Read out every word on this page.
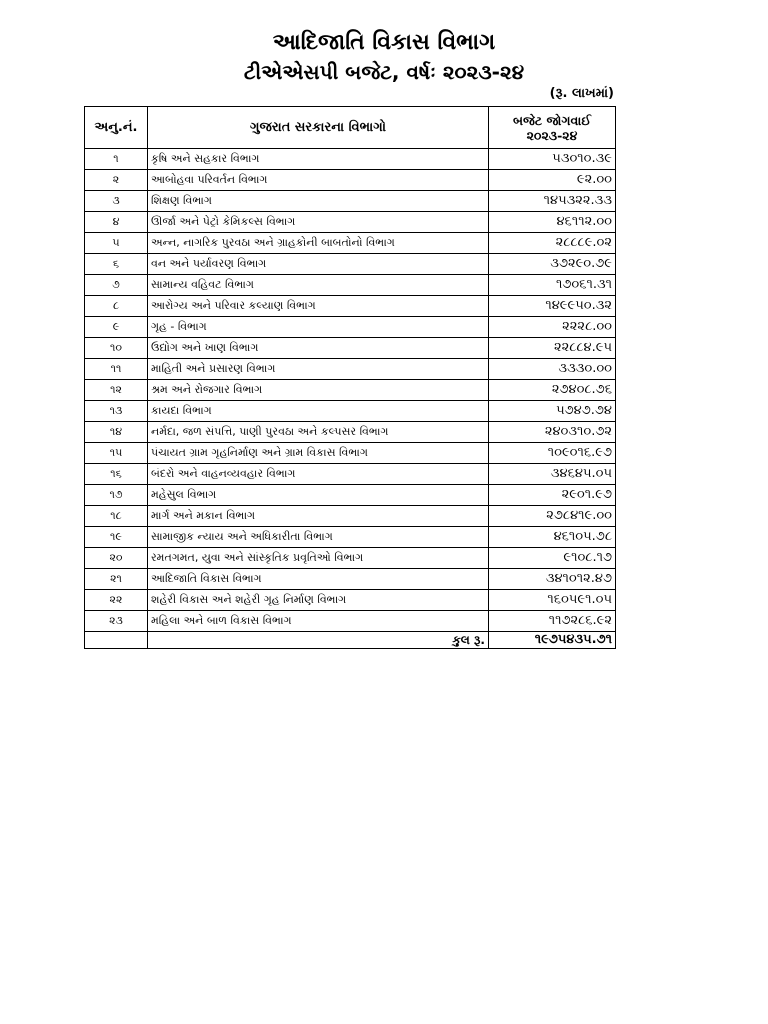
આદિજાતિ વિકાસ વિભાગ
ટીએએસપી બજેટ, વર્ષઃ ૨૦૨૩-૨૪
(રૂ. લાખમાં)
અનુ.નં.	ગુજરાત સરકારના વિભાગો	બજેટ જોગવાઈ
૨૦૨૩-૨૪

૧	કૃષિ અને સહકાર વિભાગ	૫૩૦૧૦.૩૯
૨	આબોહવા પરિવર્તન વિભાગ	૯૨.૦૦
૩	શિક્ષણ વિભાગ	૧૪૫૩૨૨.૩૩
૪	ઊર્જા અને પેટ્રો કેમિકલ્સ વિભાગ	૪૬૧૧૨.૦૦
૫	અન્ન, નાગરિક પુરવઠા અને ગ્રાહકોની બાબતોનો વિભાગ	૨૮૮૮૯.૦૨
૬	વન અને પર્યાવરણ વિભાગ	૩૭૨૯૦.૭૯
૭	સામાન્ય વહિવટ વિભાગ	૧૭૦૬૧.૩૧
૮	આરોગ્ય અને પરિવાર કલ્યાણ વિભાગ	૧૪૯૯૫૦.૩૨
૯	ગૃહ - વિભાગ	૨૨૨૮.૦૦
૧૦	ઉદ્યોગ અને ખાણ વિભાગ	૨૨૮૮૪.૯૫
૧૧	માહિતી અને પ્રસારણ વિભાગ	૩૩૩૦.૦૦
૧૨	શ્રમ અને રોજગાર વિભાગ	૨૭૪૦૮.૭૬
૧૩	કાયદા વિભાગ	૫૭૪૭.૭૪
૧૪	નર્મદા, જળ સંપત્તિ, પાણી પુરવઠા અને કલ્પસર વિભાગ	૨૪૦૩૧૦.૭૨
૧૫	પંચાયત ગ્રામ ગૃહનિર્માણ અને ગ્રામ વિકાસ વિભાગ	૧૦૯૦૧૬.૯૭
૧૬	બંદરો અને વાહનવ્યવહાર વિભાગ	૩૪૬૪૫.૦૫
૧૭	મહેસુલ વિભાગ	૨૯૦૧.૯૭
૧૮	માર્ગ અને મકાન વિભાગ	૨૭૮૪૧૯.૦૦
૧૯	સામાજીક ન્યાય અને અધિકારીતા વિભાગ	૪૬૧૦૫.૭૮
૨૦	રમતગમત, યુવા અને સાંસ્કૃતિક પ્રવૃતિઓ વિભાગ	૯૧૦૮.૧૭
૨૧	આદિજાતિ વિકાસ વિભાગ	૩૪૧૦૧૨.૪૭
૨૨	શહેરી વિકાસ અને શહેરી ગૃહ નિર્માણ વિભાગ	૧૬૦૫૯૧.૦૫
૨૩	મહિલા અને બાળ વિકાસ વિભાગ	૧૧૭૨૮૬.૯૨
	કુલ રૂ.	૧૯૭૫૪૩૫.૭૧
